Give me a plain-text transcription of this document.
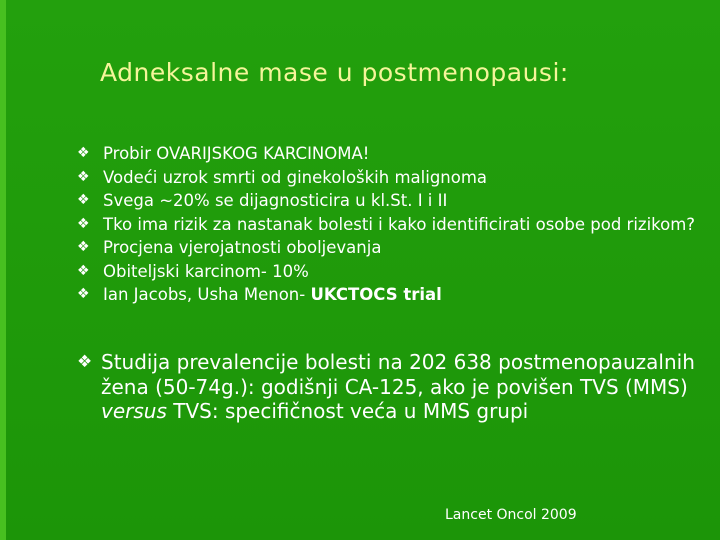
Adneksalne mase u postmenopausi:
❖ Probir OVARIJSKOG KARCINOMA!
❖ Vodeći uzrok smrti od ginekoloških malignoma
❖ Svega ~20% se dijagnosticira u kl.St. I i II
❖ Tko ima rizik za nastanak bolesti i kako identificirati osobe pod rizikom?
❖ Procjena vjerojatnosti oboljevanja
❖ Obiteljski karcinom- 10%
❖ Ian Jacobs, Usha Menon- UKCTOCS trial
❖ Studija prevalencije bolesti na 202 638 postmenopauzalnih žena (50-74g.): godišnji CA-125, ako je povišen TVS (MMS) versus TVS: specifičnost veća u MMS grupi
Lancet Oncol 2009
